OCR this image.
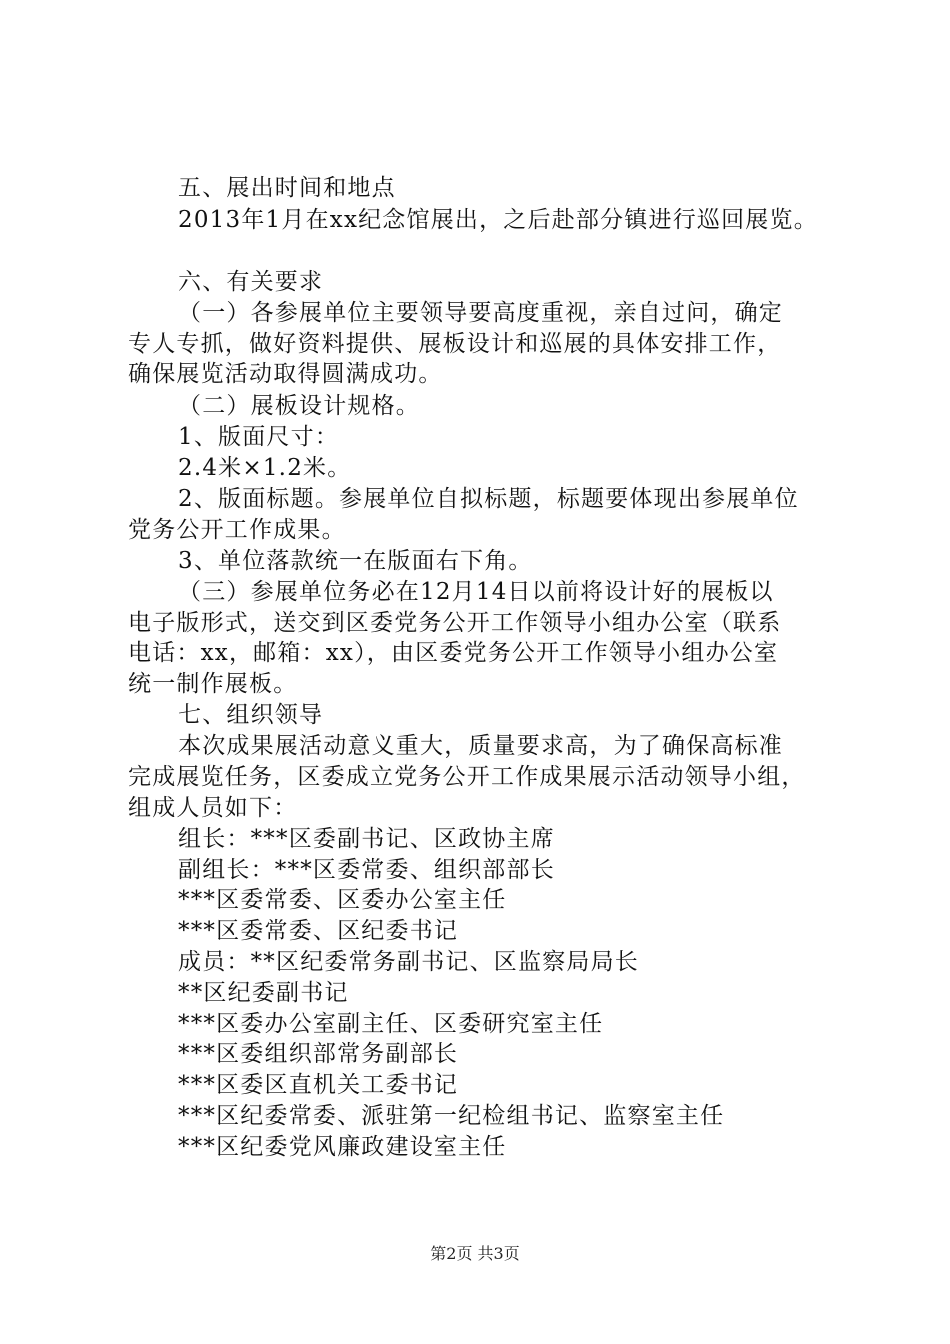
五、展出时间和地点
2013年1月在xx纪念馆展出，之后赴部分镇进行巡回展览。
六、有关要求
（一）各参展单位主要领导要高度重视，亲自过问，确定
专人专抓，做好资料提供、展板设计和巡展的具体安排工作，
确保展览活动取得圆满成功。
（二）展板设计规格。
1、版面尺寸：
2.4米×1.2米。
2、版面标题。参展单位自拟标题，标题要体现出参展单位
党务公开工作成果。
3、单位落款统一在版面右下角。
（三）参展单位务必在12月14日以前将设计好的展板以
电子版形式，送交到区委党务公开工作领导小组办公室（联系
电话：xx，邮箱：xx），由区委党务公开工作领导小组办公室
统一制作展板。
七、组织领导
本次成果展活动意义重大，质量要求高，为了确保高标准
完成展览任务，区委成立党务公开工作成果展示活动领导小组，
组成人员如下：
组长：***区委副书记、区政协主席
副组长：***区委常委、组织部部长
***区委常委、区委办公室主任
***区委常委、区纪委书记
成员：**区纪委常务副书记、区监察局局长
**区纪委副书记
***区委办公室副主任、区委研究室主任
***区委组织部常务副部长
***区委区直机关工委书记
***区纪委常委、派驻第一纪检组书记、监察室主任
***区纪委党风廉政建设室主任
第2页 共3页
